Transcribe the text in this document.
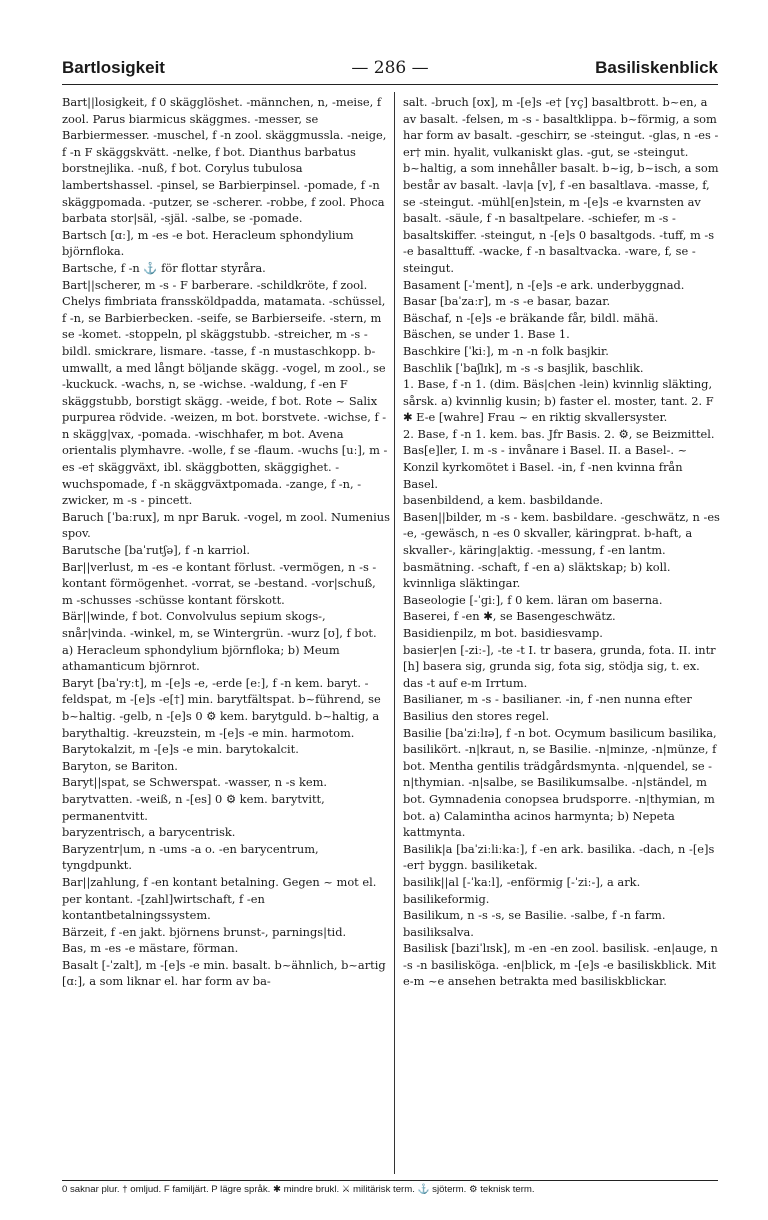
Bartlosigkeit	— 286 —	Basiliskenblick

Bart||losigkeit, f 0 skägglöshet. -männchen, n, -meise, f zool. Parus biarmicus skäggmes. -messer, se Barbiermesser. -muschel, f -n zool. skäggmussla. -neige, f -n F skäggskvätt. -nelke, f bot. Dianthus barbatus borstnejlika. -nuß, f bot. Corylus tubulosa lambertshassel. -pinsel, se Barbierpinsel. -pomade, f -n skäggpomada. -putzer, se -scherer. -robbe, f zool. Phoca barbata stor|säl, -själ. -salbe, se -pomade.

Bartsch [ɑː], m -es -e bot. Heracleum sphondylium björnfloka.

Bartsche, f -n ⚓ för flottar styråra.

Bart||scherer, m -s - F barberare. -schildkröte, f zool. Chelys fimbriata franssköldpadda, matamata. -schüssel, f -n, se Barbierbecken. -seife, se Barbierseife. -stern, m se -komet. -stoppeln, pl skäggstubb. -streicher, m -s - bildl. smickrare, lismare. -tasse, f -n mustaschkopp. b-umwallt, a med långt böljande skägg. -vogel, m zool., se -kuckuck. -wachs, n, se -wichse. -waldung, f -en F skäggstubb, borstigt skägg. -weide, f bot. Rote ~ Salix purpurea rödvide. -weizen, m bot. borstvete. -wichse, f -n skägg|vax, -pomada. -wischhafer, m bot. Avena orientalis plymhavre. -wolle, f se -flaum. -wuchs [uː], m -es -e† skäggväxt, ibl. skäggbotten, skäggighet. -wuchspomade, f -n skäggväxtpomada. -zange, f -n, -zwicker, m -s - pincett.

Baruch [ˈbaːrux], m npr Baruk. -vogel, m zool. Numenius spov.

Barutsche [baˈrutʃə], f -n karriol.

Bar||verlust, m -es -e kontant förlust. -vermögen, n -s - kontant förmögenhet. -vorrat, se -bestand. -vor|schuß, m -schusses -schüsse kontant förskott.

Bär||winde, f bot. Convolvulus sepium skogs-, snår|vinda. -winkel, m, se Wintergrün. -wurz [ʊ], f bot. a) Heracleum sphondylium björnfloka; b) Meum athamanticum björnrot.

Baryt [baˈryːt], m -[e]s -e, -erde [eː], f -n kem. baryt. -feldspat, m -[e]s -e[†] min. barytfältspat. b~führend, se b~haltig. -gelb, n -[e]s 0 ⚙ kem. barytguld. b~haltig, a barythaltig. -kreuzstein, m -[e]s -e min. harmotom.

Barytokalzit, m -[e]s -e min. barytokalcit.

Baryton, se Bariton.

Baryt||spat, se Schwerspat. -wasser, n -s kem. barytvatten. -weiß, n -[es] 0 ⚙ kem. barytvitt, permanentvitt.

baryzentrisch, a barycentrisk.

Baryzentr|um, n -ums -a o. -en barycentrum, tyngdpunkt.

Bar||zahlung, f -en kontant betalning. Gegen ~ mot el. per kontant. -[zahl]wirtschaft, f -en kontantbetalningssystem.

Bärzeit, f -en jakt. björnens brunst-, parnings|tid.

Bas, m -es -e mästare, förman.

Basalt [-ˈzalt], m -[e]s -e min. basalt. b~ähnlich, b~artig [ɑː], a som liknar el. har form av ba-

salt. -bruch [ʊx], m -[e]s -e† [ʏç] basaltbrott. b~en, a av basalt. -felsen, m -s - basaltklippa. b~förmig, a som har form av basalt. -geschirr, se -steingut. -glas, n -es -er† min. hyalit, vulkaniskt glas. -gut, se -steingut. b~haltig, a som innehåller basalt. b~ig, b~isch, a som består av basalt. -lav|a [v], f -en basaltlava. -masse, f, se -steingut. -mühl[en]stein, m -[e]s -e kvarnsten av basalt. -säule, f -n basaltpelare. -schiefer, m -s - basaltskiffer. -steingut, n -[e]s 0 basaltgods. -tuff, m -s -e basalttuff. -wacke, f -n basaltvacka. -ware, f, se -steingut.

Basament [-ˈment], n -[e]s -e ark. underbyggnad.

Basar [baˈzaːr], m -s -e basar, bazar.

Bäschaf, n -[e]s -e bräkande får, bildl. mähä.

Bäschen, se under 1. Base 1.

Baschkire [ˈkiː], m -n -n folk basjkir.

Baschlik [ˈbaʃlɪk], m -s -s basjlik, baschlik.

1. Base, f -n 1. (dim. Bäs|chen -lein) kvinnlig släkting, sårsk. a) kvinnlig kusin; b) faster el. moster, tant. 2. F ✱ E-e [wahre] Frau ~ en riktig skvallersyster.

2. Base, f -n 1. kem. bas. Jfr Basis. 2. ⚙, se Beizmittel.

Bas[e]ler, I. m -s - invånare i Basel. II. a Basel-. ~ Konzil kyrkomötet i Basel. -in, f -nen kvinna från Basel.

basenbildend, a kem. basbildande.

Basen||bilder, m -s - kem. basbildare. -geschwätz, n -es -e, -gewäsch, n -es 0 skvaller, käringprat. b-haft, a skvaller-, käring|aktig. -messung, f -en lantm. basmätning. -schaft, f -en a) släktskap; b) koll. kvinnliga släktingar.

Baseologie [-ˈgiː], f 0 kem. läran om baserna.

Baserei, f -en ✱, se Basengeschwätz.

Basidienpilz, m bot. basidiesvamp.

basier|en [-ziː-], -te -t I. tr basera, grunda, fota. II. intr [h] basera sig, grunda sig, fota sig, stödja sig, t. ex. das -t auf e-m Irrtum.

Basilianer, m -s - basilianer. -in, f -nen nunna efter Basilius den stores regel.

Basilie [baˈziːlɪə], f -n bot. Ocymum basilicum basilika, basilikört. -n|kraut, n, se Basilie. -n|minze, -n|münze, f bot. Mentha gentilis trädgårdsmynta. -n|quendel, se -n|thymian. -n|salbe, se Basilikumsalbe. -n|ständel, m bot. Gymnadenia conopsea brudsporre. -n|thymian, m bot. a) Calamintha acinos harmynta; b) Nepeta kattmynta.

Basilik|a [baˈziːliːkaː], f -en ark. basilika. -dach, n -[e]s -er† byggn. basiliketak.

basilik||al [-ˈkaːl], -enförmig [-ˈziː-], a ark. basilikeformig.

Basilikum, n -s -s, se Basilie. -salbe, f -n farm. basiliksalva.

Basilisk [baziˈlɪsk], m -en -en zool. basilisk. -en|auge, n -s -n basiliskögа. -en|blick, m -[e]s -e basiliskblick. Mit e-m ~e ansehen betrakta med basiliskblickar.

0 saknar plur. † omljud. F familjärt. P lägre språk. ✱ mindre brukl. ⚔ militärisk term. ⚓ sjöterm. ⚙ teknisk term.
